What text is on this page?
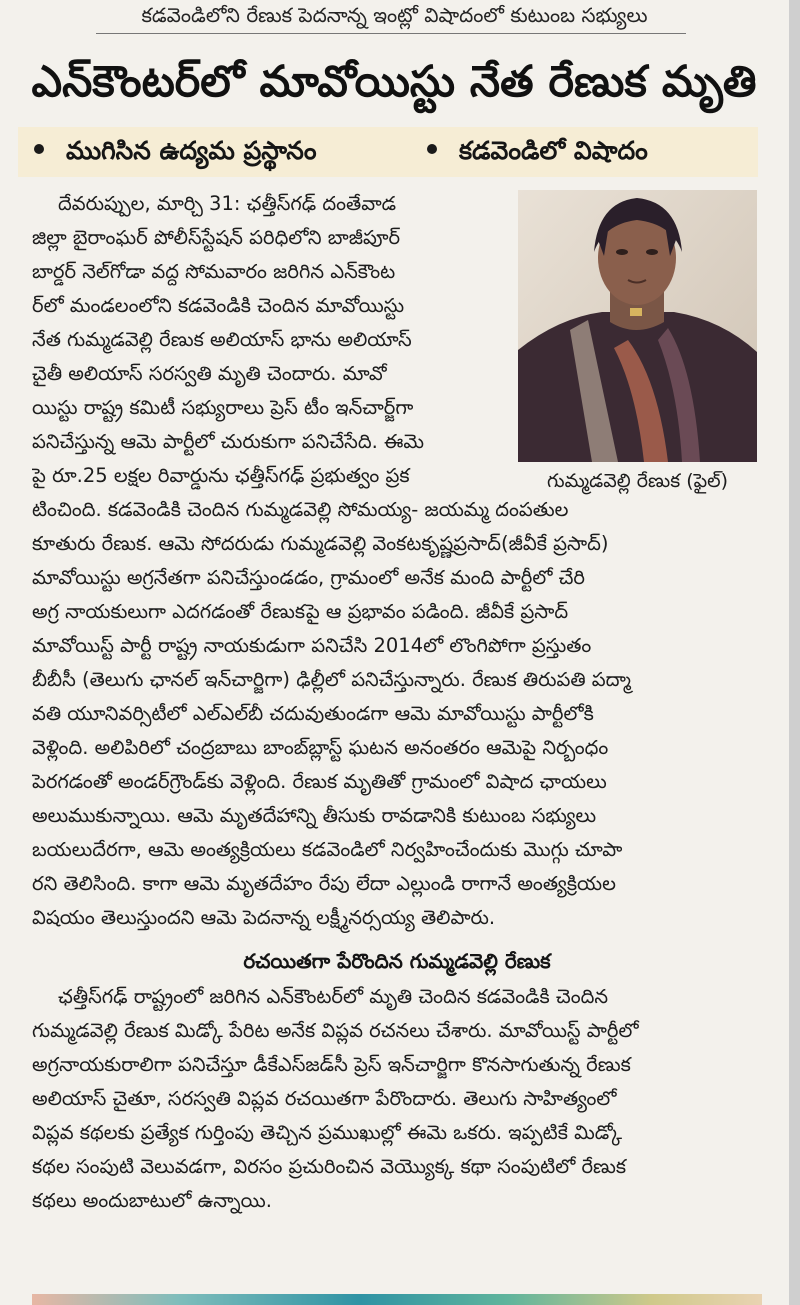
కడవెండిలోని రేణుక పెదనాన్న ఇంట్లో విషాదంలో కుటుంబ సభ్యులు
ఎన్‌కౌంటర్‌లో మావోయిస్టు నేత రేణుక మృతి
ముగిసిన ఉద్యమ ప్రస్థానం	కడవెండిలో విషాదం
గుమ్మడవెల్లి రేణుక (ఫైల్)
దేవరుప్పుల, మార్చి 31: ఛత్తీస్‌గఢ్ దంతేవాడ
జిల్లా బైరాంఘర్ పోలీస్‌స్టేషన్ పరిధిలోని బాజీపూర్
బార్డర్ నెల్‌గోడా వద్ద సోమవారం జరిగిన ఎన్‌కౌంట
ర్‌లో మండలంలోని కడవెండికి చెందిన మావోయిస్టు
నేత గుమ్మడవెల్లి రేణుక అలియాస్ భాను అలియాస్
చైతీ అలియాస్ సరస్వతి మృతి చెందారు. మావో
యిస్టు రాష్ట్ర కమిటీ సభ్యురాలు ప్రెస్ టీం ఇన్‌చార్జ్‌గా
పనిచేస్తున్న ఆమె పార్టీలో చురుకుగా పనిచేసేది. ఈమె
పై రూ.25 లక్షల రివార్డును ఛత్తీస్‌గఢ్ ప్రభుత్వం ప్రక
టించింది. కడవెండికి చెందిన గుమ్మడవెల్లి సోమయ్య- జయమ్మ దంపతుల
కూతురు రేణుక. ఆమె సోదరుడు గుమ్మడవెల్లి వెంకటకృష్ణప్రసాద్(జీవీకే ప్రసాద్)
మావోయిస్టు అగ్రనేతగా పనిచేస్తుండడం, గ్రామంలో అనేక మంది పార్టీలో చేరి
అగ్ర నాయకులుగా ఎదగడంతో రేణుకపై ఆ ప్రభావం పడింది. జీవీకే ప్రసాద్
మావోయిస్ట్ పార్టీ రాష్ట్ర నాయకుడుగా పనిచేసి 2014లో లొంగిపోగా ప్రస్తుతం
బీబీసీ (తెలుగు ఛానల్ ఇన్‌చార్జిగా) ఢిల్లీలో పనిచేస్తున్నారు. రేణుక తిరుపతి పద్మా
వతి యూనివర్సిటీలో ఎల్‌ఎల్‌బీ చదువుతుండగా ఆమె మావోయిస్టు పార్టీలోకి
వెళ్లింది. అలిపిరిలో చంద్రబాబు బాంబ్‌బ్లాస్ట్ ఘటన అనంతరం ఆమెపై నిర్బంధం
పెరగడంతో అండర్‌గ్రౌండ్‌కు వెళ్లింది. రేణుక మృతితో గ్రామంలో విషాద ఛాయలు
అలుముకున్నాయి. ఆమె మృతదేహాన్ని తీసుకు రావడానికి కుటుంబ సభ్యులు
బయలుదేరగా, ఆమె అంత్యక్రియలు కడవెండిలో నిర్వహించేందుకు మొగ్గు చూపా
రని తెలిసింది. కాగా ఆమె మృతదేహం రేపు లేదా ఎల్లుండి రాగానే అంత్యక్రియల
విషయం తెలుస్తుందని ఆమె పెదనాన్న లక్ష్మీనర్సయ్య తెలిపారు.
రచయితగా పేరొందిన గుమ్మడవెల్లి రేణుక
ఛత్తీస్‌గఢ్ రాష్ట్రంలో జరిగిన ఎన్‌కౌంటర్‌లో మృతి చెందిన కడవెండికి చెందిన
గుమ్మడవెల్లి రేణుక మిడ్కో పేరిట అనేక విప్లవ రచనలు చేశారు. మావోయిస్ట్ పార్టీలో
అగ్రనాయకురాలిగా పనిచేస్తూ డీకేఎస్‌జడ్‌సీ ప్రెస్ ఇన్‌చార్జిగా కొనసాగుతున్న రేణుక
అలియాస్ చైతూ, సరస్వతి విప్లవ రచయితగా పేరొందారు. తెలుగు సాహిత్యంలో
విప్లవ కథలకు ప్రత్యేక గుర్తింపు తెచ్చిన ప్రముఖుల్లో ఈమె ఒకరు. ఇప్పటికే మిడ్కో
కథల సంపుటి వెలువడగా, విరసం ప్రచురించిన వెయ్యొక్క కథా సంపుటిలో రేణుక
కథలు అందుబాటులో ఉన్నాయి.
